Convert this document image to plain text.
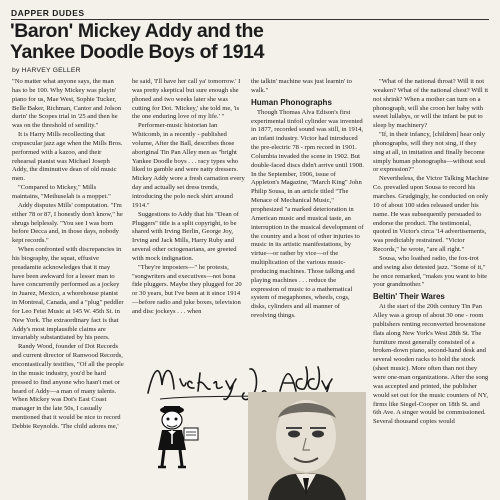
DAPPER DUDES
'Baron' Mickey Addy and the
Yankee Doodle Boys of 1914
by HARVEY GELLER

"No matter what anyone says, the man has to be 100. Why Mickey was playin' piano for us, Mae West, Sophie Tucker, Belle Baker, Richman, Cantor and Jolson durin' the Scopes trial in '25 and then he was on the threshold of senility."

It is Harry Mills recollecting that crepuscular jazz age when the Mills Bros. performed with a kazoo, and their rehearsal pianist was Michael Joseph Addy, the diminutive dean of old music men.

"Compared to Mickey," Mills maintains, "Methuselah is a moppet."

Addy disputes Mills' computation. "I'm either 78 or 87, I honestly don't know," he shrugs helplessly. "You see I was born before Decca and, in those days, nobody kept records."

When confronted with discrepancies in his biography, the squat, effusive preadamite acknowledges that it may have been awkward for a lesser man to have concurrently performed as a jockey in Juarez, Mexico, a whorehouse pianist in Montreal, Canada, and a "plug" peddler for Leo Feist Music at 145 W. 45th St. in New York. The extraordinary fact is that Addy's most implausible claims are invariably substantiated by his peers.

Randy Wood, founder of Dot Records and current director of Ranwood Records, enconiastically testifies, "Of all the people in the music industry, you'd be hard pressed to find anyone who hasn't met or heard of Addy—a man of many talents. When Mickey was Dot's East Coast manager in the late 50s, I casually mentioned that it would be nice to record Debbie Reynolds. 'The child adores me,'

he said, 'I'll have her call ya' tomorrow.' I was pretty skeptical but sure enough she phoned and two weeks later she was cutting for Dot. 'Mickey,' she told me, 'is the one enduring love of my life.' "

Performer-music historian Ian Whitcomb, in a recently - published volume, After the Ball, describes those aboriginal Tin Pan Alley men as "bright Yankee Doodle boys . . . racy types who liked to gamble and were natty dressers. Mickey Addy wore a fresh carnation every day and actually set dress trends, introducing the polo neck shirt around 1914."

Suggestions to Addy that his "Dean of Pluggers" title is a split copyright, to be shared with Irving Berlin, George Joy, Irving and Jack Mills, Harry Ruby and several other octogenarians, are greeted with mock indignation.

"They're imposters—" he protests, "songwriters and executives—not bona fide pluggers. Maybe they plugged for 20 or 30 years, but I've been at it since 1914—before radio and juke boxes, television and disc jockeys . . . when

the talkin' machine was just learnin' to walk."

Human Phonographs

Though Thomas Alva Edison's first experimental tinfoil cylinder was invented in 1877, recorded sound was still, in 1914, an infant industry. Victor had introduced the pre-electric 78 - rpm record in 1901. Columbia invaded the scene in 1902. But double-faced discs didn't arrive until 1908. In the September, 1906, issue of Appleton's Magazine, "March King" John Philip Sousa, in an article titled "The Menace of Mechanical Music," prophesized "a marked deterioration in American music and musical taste, an interruption in the musical development of the country and a host of other injuries to music in its artistic manifestations, by virtue—or rather by vice—of the multiplication of the various music-producing machines. Those talking and playing machines . . . reduce the expression of music to a mathematical system of megaphones, wheels, cogs, disks, cylinders and all manner of revolving things.

"What of the national throat? Will it not weaken? What of the national chest? Will it not shrink? When a mother can turn on a phonograph, will she croon her baby with sweet lullabys, or will the infant be put to sleep by machinery?

"If, in their infancy, [children] hear only phonographs, will they not sing, if they sing at all, in imitation and finally become simply human phonographs—without soul or expression?"

Nevertheless, the Victor Talking Machine Co. prevailed upon Sousa to record his marches. Grudgingly, he conducted on only 10 of about 100 sides released under his name. He was subsequently persuaded to endorse the product. The testimonial, quoted in Victor's circa '14 advertisements, was predictably restrained. "Victor Records," he wrote, "are all right."

Sousa, who loathed radio, the fox-trot and swing also detested jazz. "Some of it," he once remarked, "makes you want to bite your grandmother."

Beltin' Their Wares

At the start of the 20th century Tin Pan Alley was a group of about 30 one - room publishers renting reconverted brownstone flats along New York's West 28th St. The furniture most generally consisted of a broken-down piano, second-hand desk and several wooden racks to hold the stock (sheet music). More often than not they were one-man organizations. After the song was accepted and printed, the publisher would set out for the music counters of NY, firms like Siegel-Cooper on 18th St. and 6th Ave. A singer would be commissioned. Several thousand copies would
